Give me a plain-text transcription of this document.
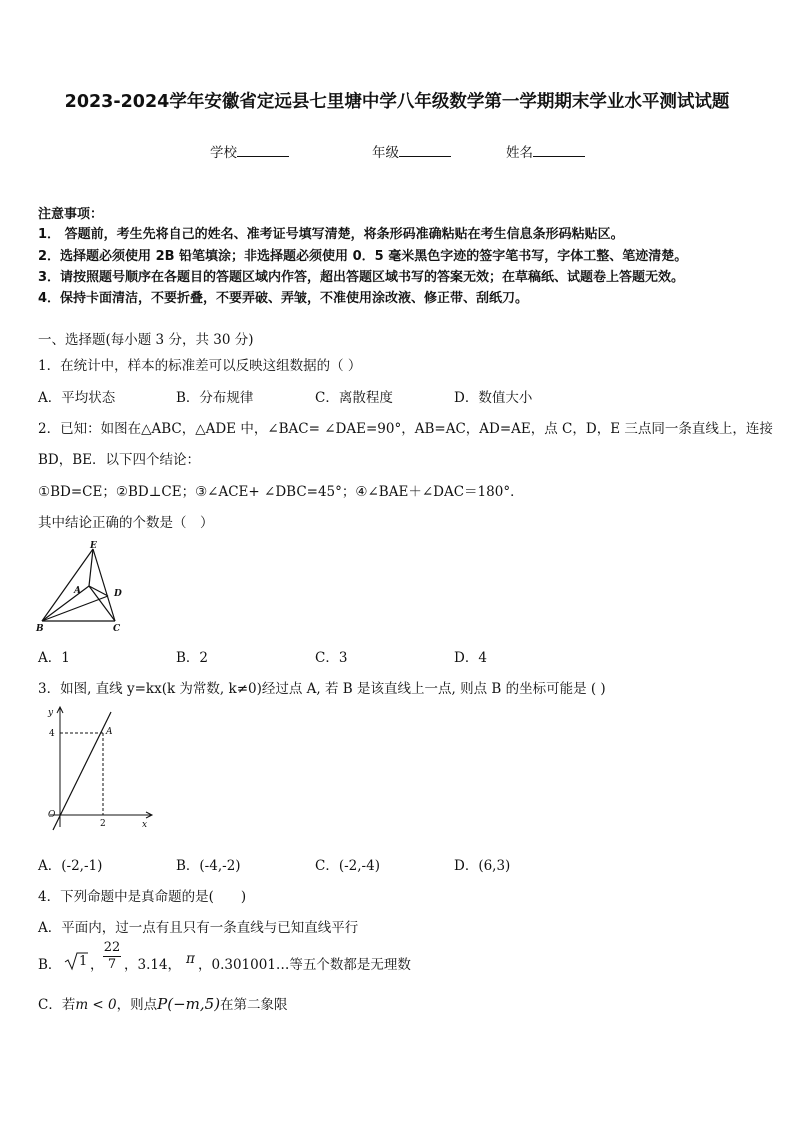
2023-2024学年安徽省定远县七里塘中学八年级数学第一学期期末学业水平测试试题
学校	年级	姓名
注意事项：
1． 答题前，考生先将自己的姓名、准考证号填写清楚，将条形码准确粘贴在考生信息条形码粘贴区。
2．选择题必须使用 2B 铅笔填涂；非选择题必须使用 0．5 毫米黑色字迹的签字笔书写，字体工整、笔迹清楚。
3．请按照题号顺序在各题目的答题区域内作答，超出答题区域书写的答案无效；在草稿纸、试题卷上答题无效。
4．保持卡面清洁，不要折叠，不要弄破、弄皱，不准使用涂改液、修正带、刮纸刀。
一、选择题(每小题 3 分，共 30 分)
1．在统计中，样本的标准差可以反映这组数据的（ ）
A．平均状态	B．分布规律	C．离散程度	D．数值大小
2．已知：如图在△ABC，△ADE 中，∠BAC= ∠DAE=90°，AB=AC，AD=AE，点 C，D，E 三点同一条直线上，连接
BD，BE．以下四个结论：
①BD=CE；②BD⊥CE；③∠ACE+ ∠DBC=45°；④∠BAE＋∠DAC＝180°．
其中结论正确的个数是（　）
E
A	D
B	C
A．1	B．2	C．3	D．4
3．如图, 直线 y=kx(k 为常数, k≠0)经过点 A, 若 B 是该直线上一点, 则点 B 的坐标可能是 ( )
y
x
O
A
4
2
A．(-2,-1)	B．(-4,-2)	C．(-2,-4)	D．(6,3)
4．下列命题中是真命题的是(　　)
A．平面内，过一点有且只有一条直线与已知直线平行
B． 1 ，
22
7 ，3.14， π ，0.301001…等五个数都是无理数
C．若m < 0，则点P(−m,5)在第二象限
